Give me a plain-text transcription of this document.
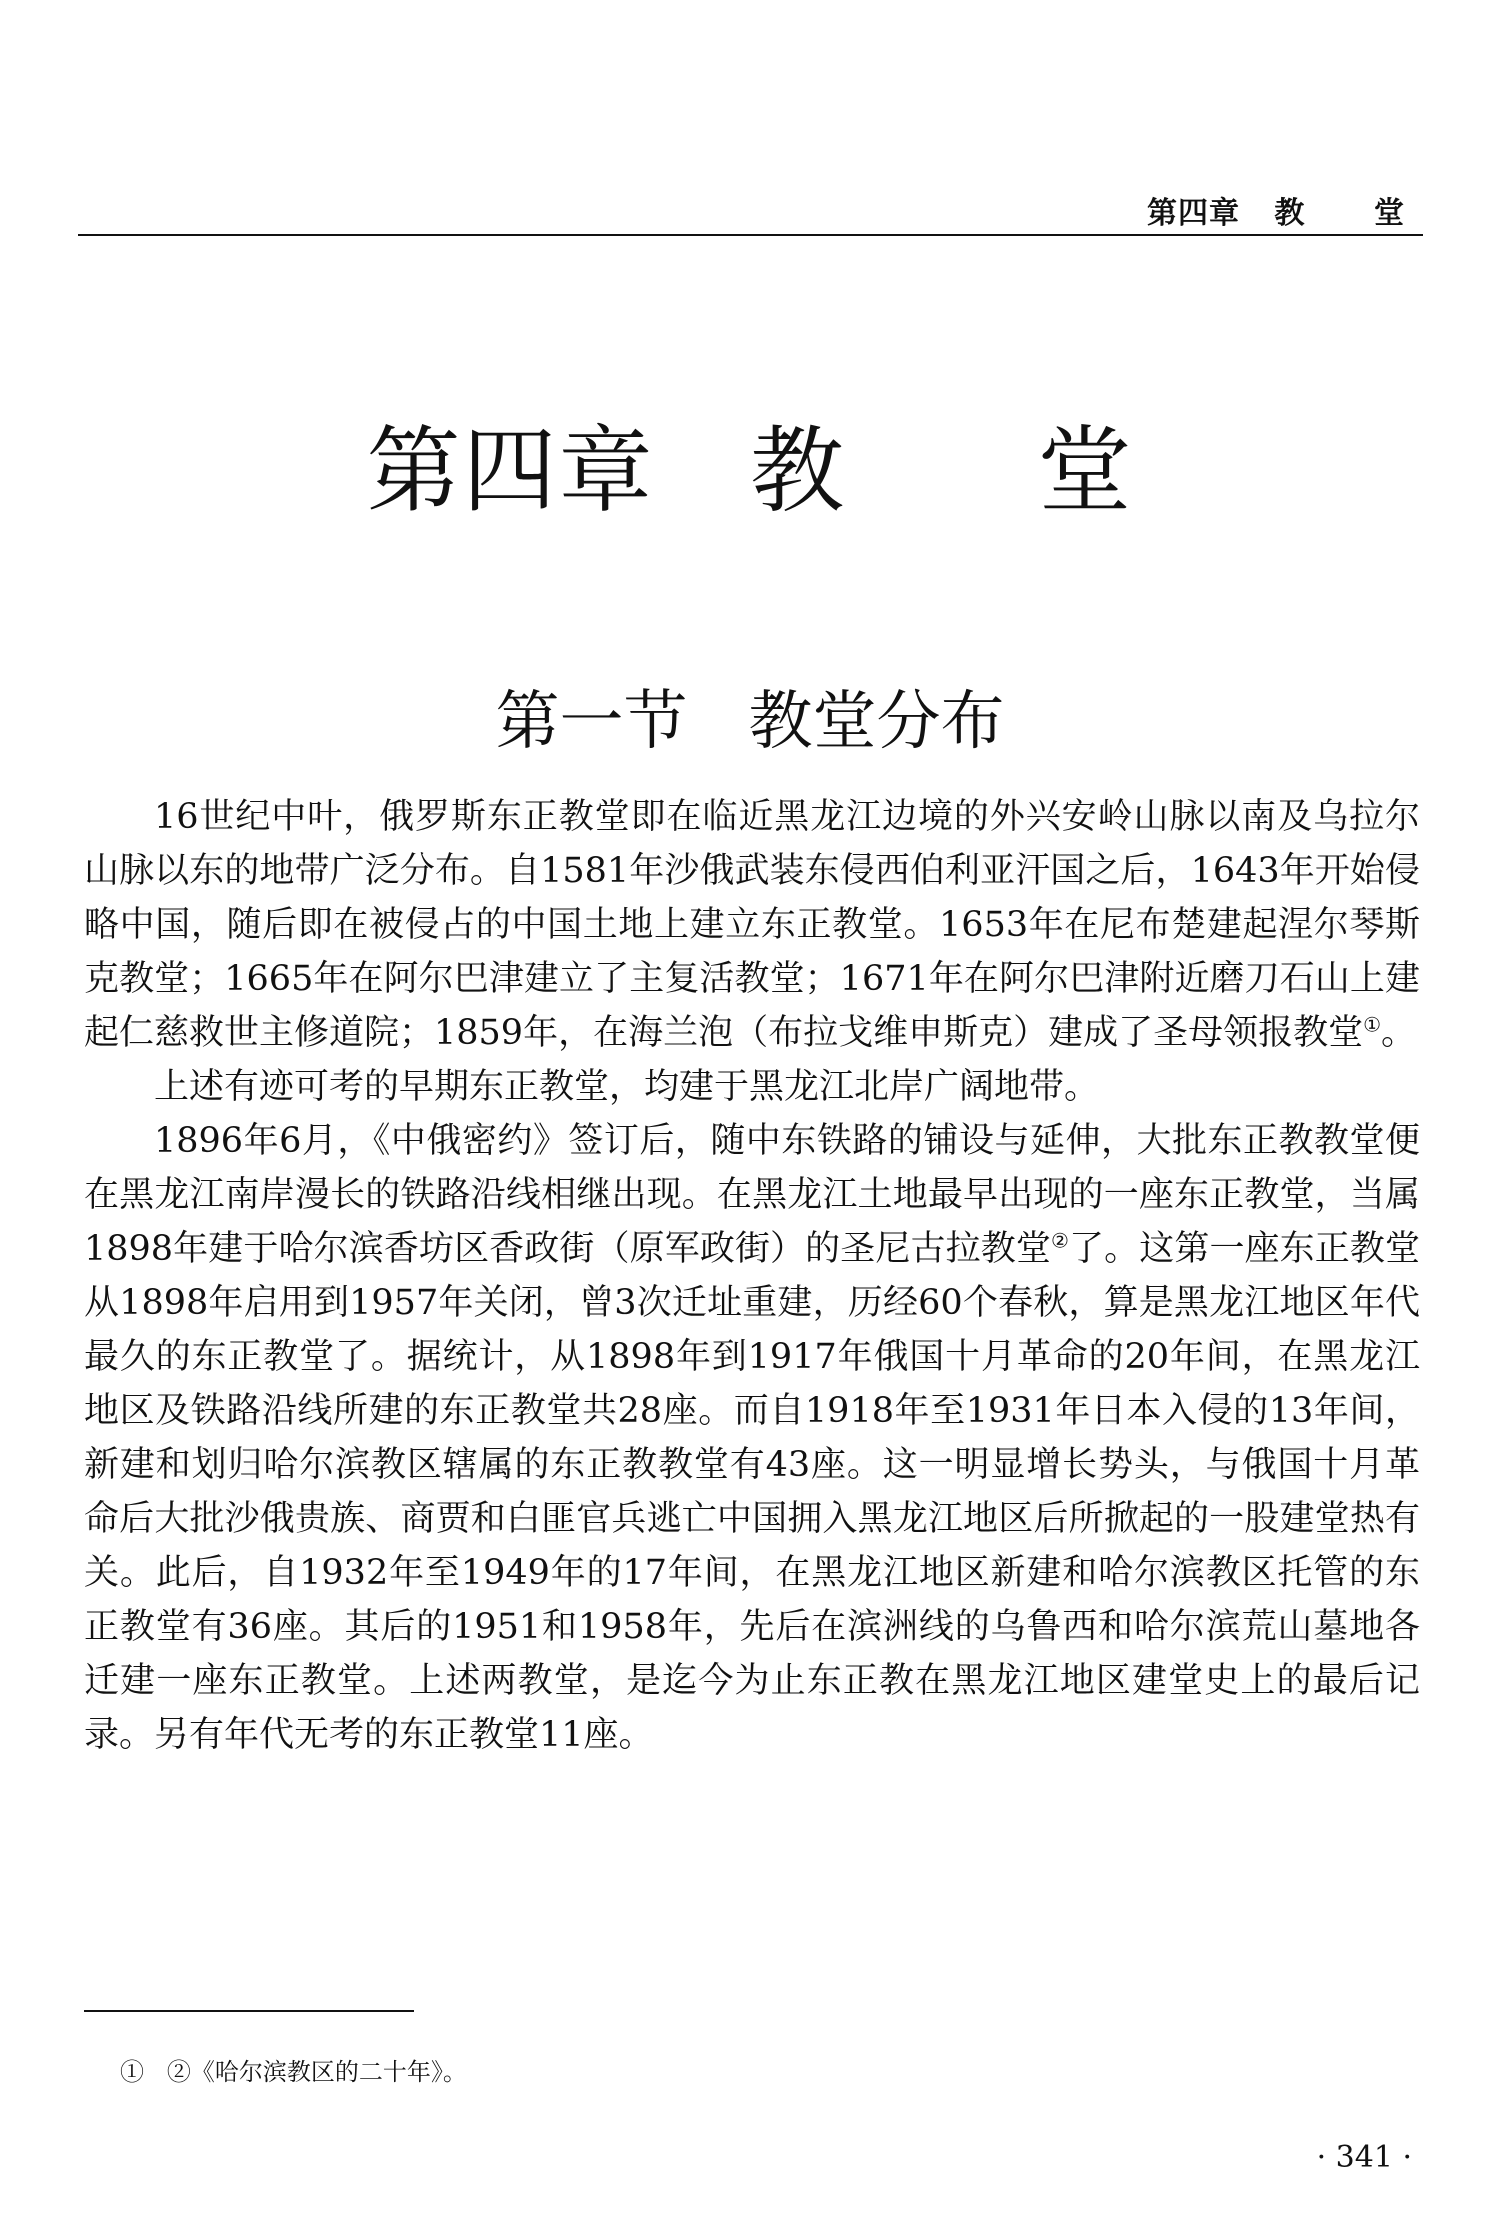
第四章   教      堂
第四章   教      堂
第一节   教堂分布

16世纪中叶，俄罗斯东正教堂即在临近黑龙江边境的外兴安岭山脉以南及乌拉尔山脉以东的地带广泛分布。自1581年沙俄武装东侵西伯利亚汗国之后，1643年开始侵略中国，随后即在被侵占的中国土地上建立东正教堂。1653年在尼布楚建起涅尔琴斯克教堂；1665年在阿尔巴津建立了主复活教堂；1671年在阿尔巴津附近磨刀石山上建起仁慈救世主修道院；1859年，在海兰泡（布拉戈维申斯克）建成了圣母领报教堂①。

上述有迹可考的早期东正教堂，均建于黑龙江北岸广阔地带。

1896年6月，《中俄密约》签订后，随中东铁路的铺设与延伸，大批东正教教堂便在黑龙江南岸漫长的铁路沿线相继出现。在黑龙江土地最早出现的一座东正教堂，当属1898年建于哈尔滨香坊区香政街（原军政街）的圣尼古拉教堂②了。这第一座东正教堂从1898年启用到1957年关闭，曾3次迁址重建，历经60个春秋，算是黑龙江地区年代最久的东正教堂了。据统计，从1898年到1917年俄国十月革命的20年间，在黑龙江地区及铁路沿线所建的东正教堂共28座。而自1918年至1931年日本入侵的13年间，新建和划归哈尔滨教区辖属的东正教教堂有43座。这一明显增长势头，与俄国十月革命后大批沙俄贵族、商贾和白匪官兵逃亡中国拥入黑龙江地区后所掀起的一股建堂热有关。此后，自1932年至1949年的17年间，在黑龙江地区新建和哈尔滨教区托管的东正教堂有36座。其后的1951和1958年，先后在滨洲线的乌鲁西和哈尔滨荒山墓地各迁建一座东正教堂。上述两教堂，是迄今为止东正教在黑龙江地区建堂史上的最后记录。另有年代无考的东正教堂11座。

①   ②《哈尔滨教区的二十年》。
· 341 ·
